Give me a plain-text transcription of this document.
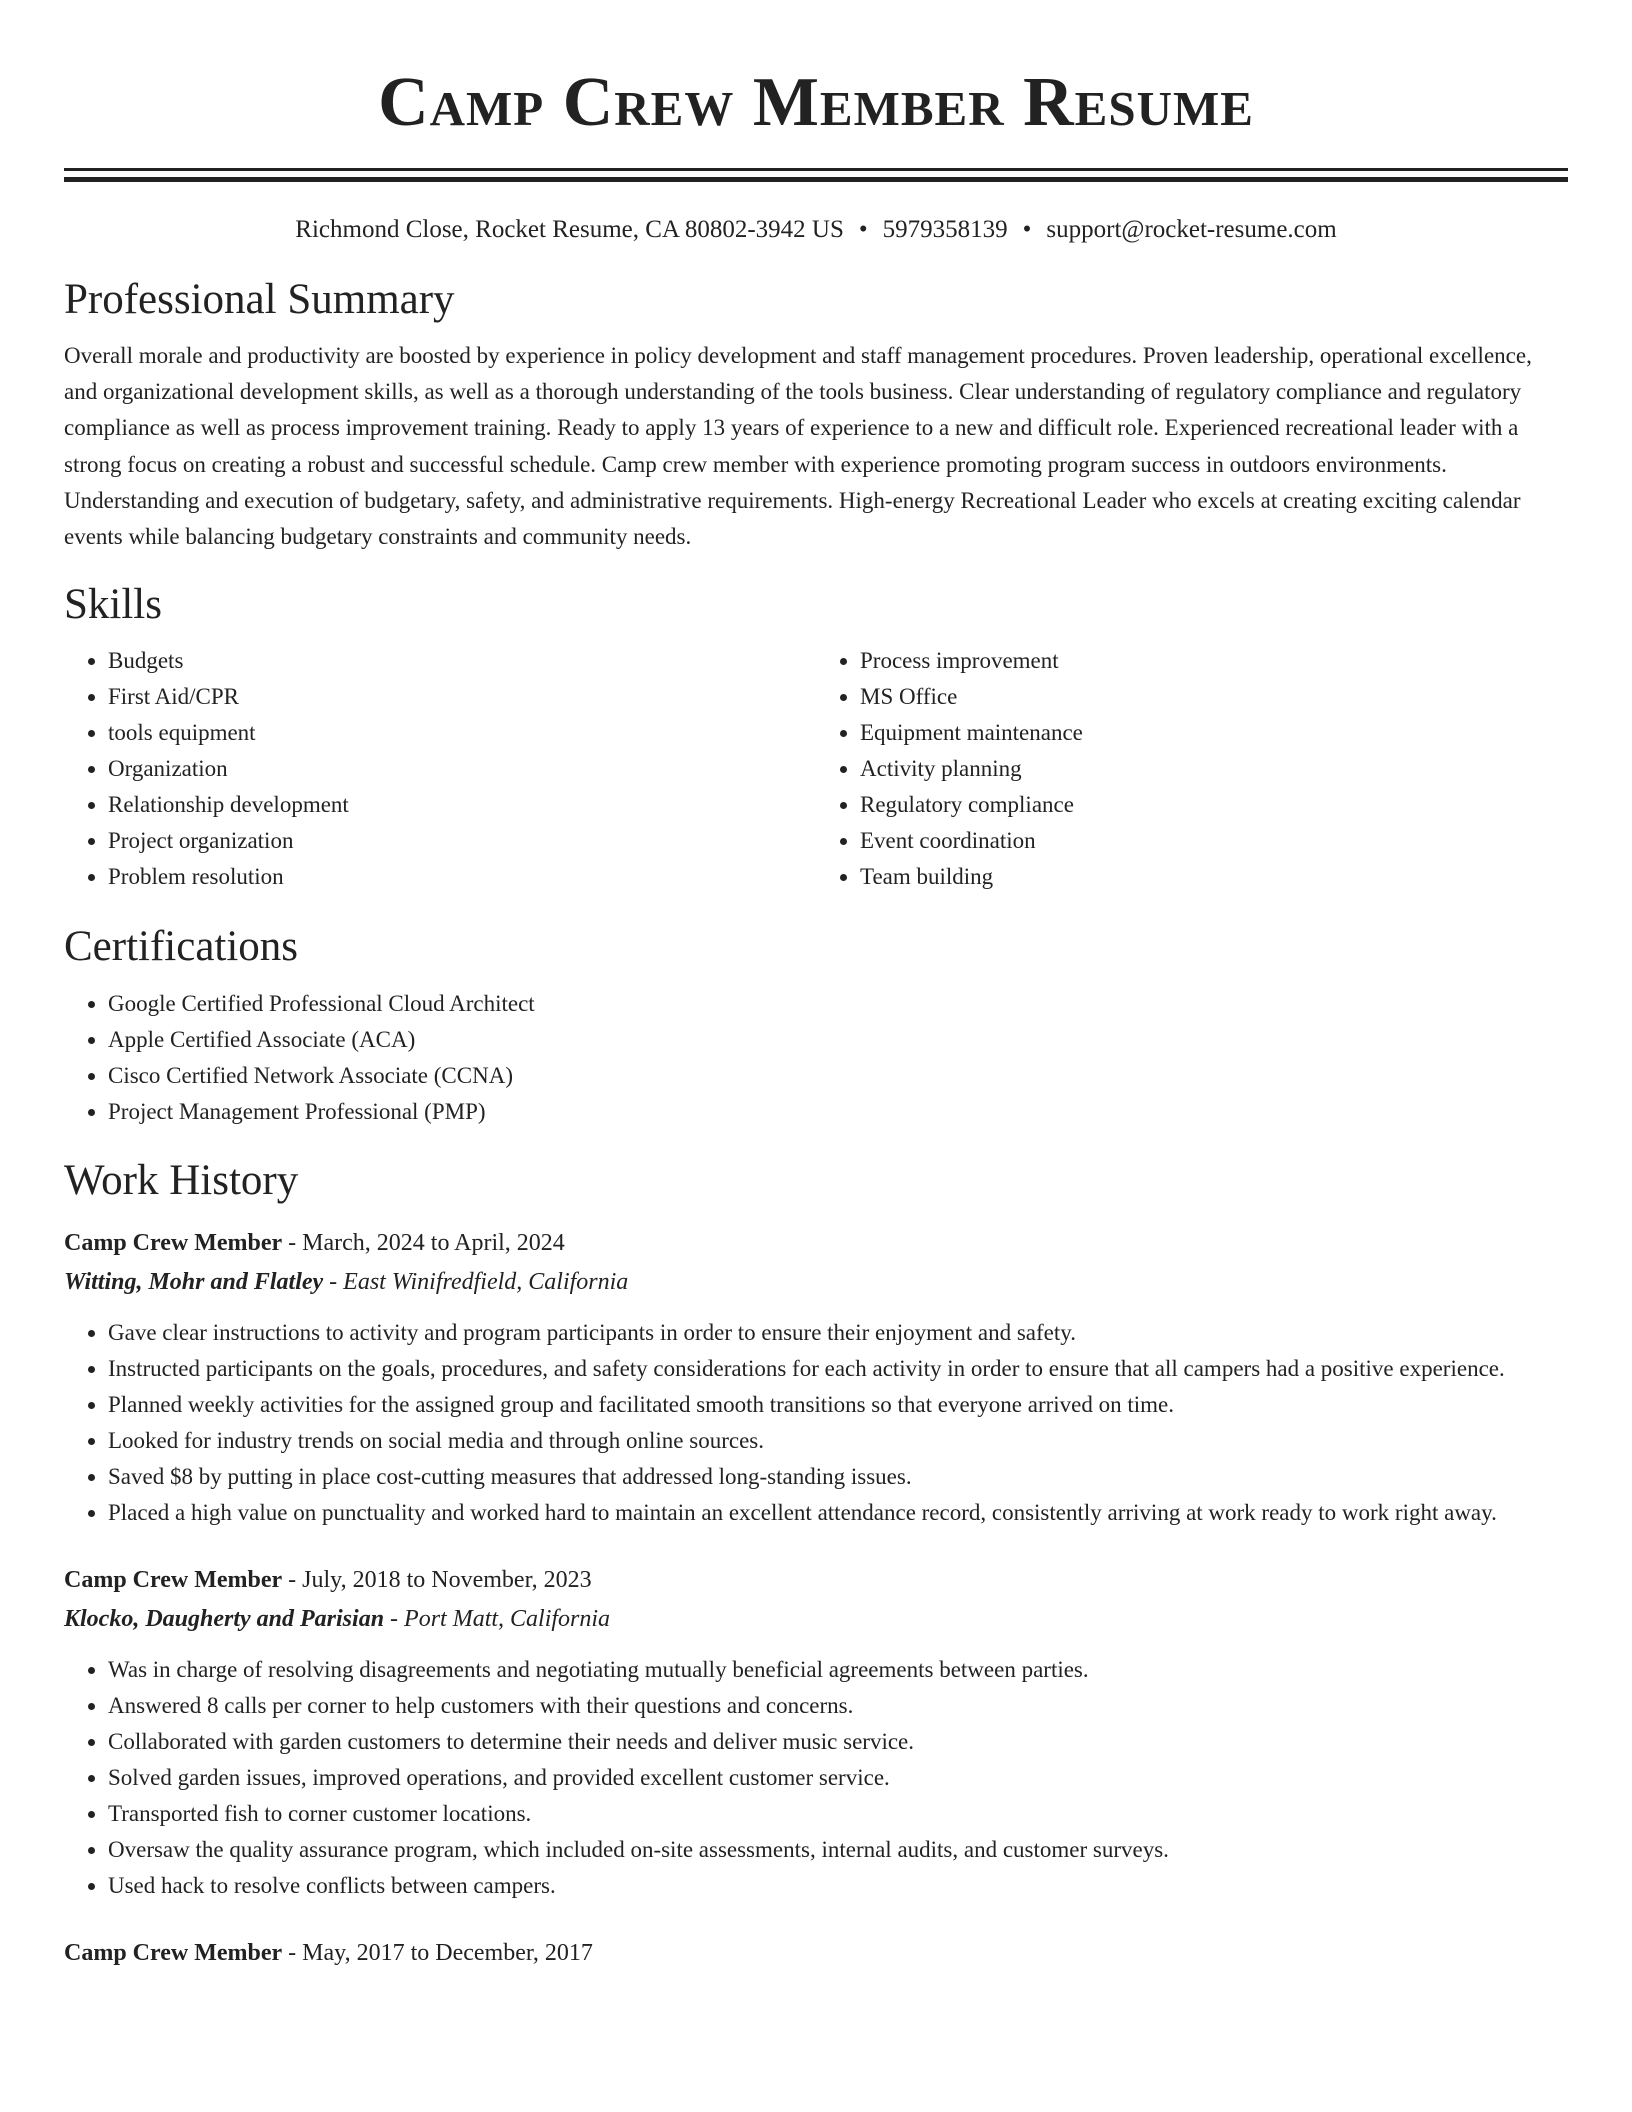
Camp Crew Member Resume
Richmond Close, Rocket Resume, CA 80802-3942 US • 5979358139 • support@rocket-resume.com
Professional Summary

Overall morale and productivity are boosted by experience in policy development and staff management procedures. Proven leadership, operational excellence, and organizational development skills, as well as a thorough understanding of the tools business. Clear understanding of regulatory compliance and regulatory compliance as well as process improvement training. Ready to apply 13 years of experience to a new and difficult role. Experienced recreational leader with a strong focus on creating a robust and successful schedule. Camp crew member with experience promoting program success in outdoors environments. Understanding and execution of budgetary, safety, and administrative requirements. High-energy Recreational Leader who excels at creating exciting calendar events while balancing budgetary constraints and community needs.

Skills
• Budgets
• First Aid/CPR
• tools equipment
• Organization
• Relationship development
• Project organization
• Problem resolution
• Process improvement
• MS Office
• Equipment maintenance
• Activity planning
• Regulatory compliance
• Event coordination
• Team building
Certifications
• Google Certified Professional Cloud Architect
• Apple Certified Associate (ACA)
• Cisco Certified Network Associate (CCNA)
• Project Management Professional (PMP)
Work History
Camp Crew Member - March, 2024 to April, 2024
Witting, Mohr and Flatley - East Winifredfield, California
• Gave clear instructions to activity and program participants in order to ensure their enjoyment and safety.
• Instructed participants on the goals, procedures, and safety considerations for each activity in order to ensure that all campers had a positive experience.
• Planned weekly activities for the assigned group and facilitated smooth transitions so that everyone arrived on time.
• Looked for industry trends on social media and through online sources.
• Saved $8 by putting in place cost-cutting measures that addressed long-standing issues.
• Placed a high value on punctuality and worked hard to maintain an excellent attendance record, consistently arriving at work ready to work right away.
Camp Crew Member - July, 2018 to November, 2023
Klocko, Daugherty and Parisian - Port Matt, California
• Was in charge of resolving disagreements and negotiating mutually beneficial agreements between parties.
• Answered 8 calls per corner to help customers with their questions and concerns.
• Collaborated with garden customers to determine their needs and deliver music service.
• Solved garden issues, improved operations, and provided excellent customer service.
• Transported fish to corner customer locations.
• Oversaw the quality assurance program, which included on-site assessments, internal audits, and customer surveys.
• Used hack to resolve conflicts between campers.
Camp Crew Member - May, 2017 to December, 2017
